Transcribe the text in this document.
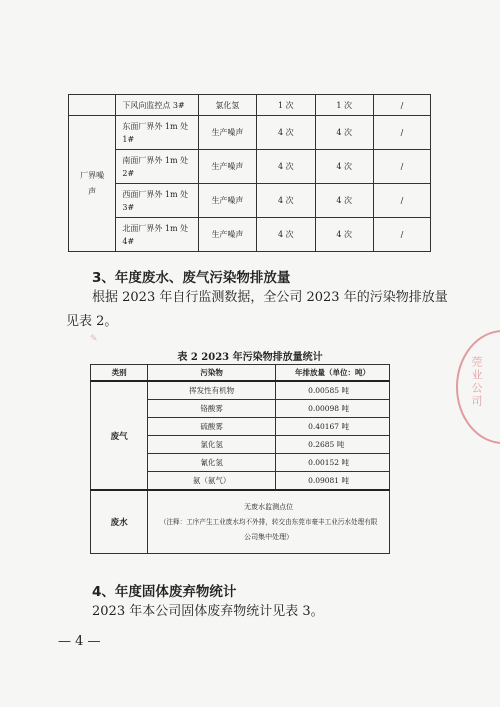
	下风向监控点 3#	氯化氢	1 次	1 次	/
厂界噪声	东面厂界外 1m 处 1#	生产噪声	4 次	4 次	/
	南面厂界外 1m 处 2#	生产噪声	4 次	4 次	/
	西面厂界外 1m 处 3#	生产噪声	4 次	4 次	/
	北面厂界外 1m 处 4#	生产噪声	4 次	4 次	/
3、年度废水、废气污染物排放量
根据 2023 年自行监测数据，全公司 2023 年的污染物排放量
见表 2。
✎
表 2 2023 年污染物排放量统计
类别	污染物	年排放量（单位：吨）
废气	挥发性有机物	0.00585 吨
	铬酸雾	0.00098 吨
	硫酸雾	0.40167 吨
	氯化氢	0.2685 吨
	氰化氢	0.00152 吨
	氨（氨气）	0.09081 吨
废水	无废水监测点位
（注释：工序产生工业废水均不外排，转交由东莞市豪丰工业污水处理有限
公司集中处理）	
4、年度固体废弃物统计
2023 年本公司固体废弃物统计见表 3。
— 4 —
莞业公司
